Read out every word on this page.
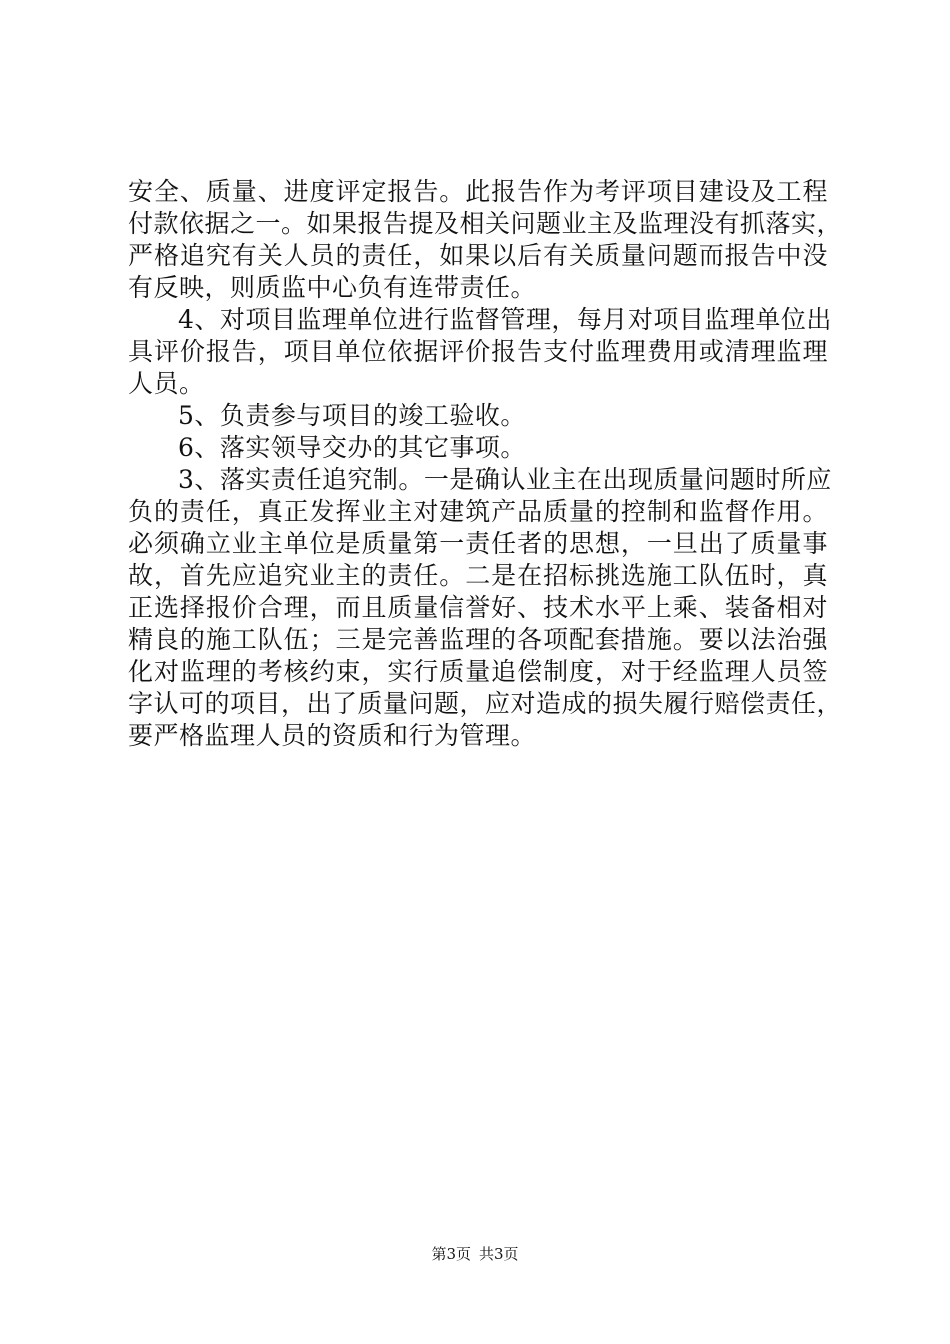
安全、质量、进度评定报告。此报告作为考评项目建设及工程
付款依据之一。如果报告提及相关问题业主及监理没有抓落实，
严格追究有关人员的责任，如果以后有关质量问题而报告中没
有反映，则质监中心负有连带责任。
4、对项目监理单位进行监督管理，每月对项目监理单位出
具评价报告，项目单位依据评价报告支付监理费用或清理监理
人员。
5、负责参与项目的竣工验收。
6、落实领导交办的其它事项。
3、落实责任追究制。一是确认业主在出现质量问题时所应
负的责任，真正发挥业主对建筑产品质量的控制和监督作用。
必须确立业主单位是质量第一责任者的思想，一旦出了质量事
故，首先应追究业主的责任。二是在招标挑选施工队伍时，真
正选择报价合理，而且质量信誉好、技术水平上乘、装备相对
精良的施工队伍；三是完善监理的各项配套措施。要以法治强
化对监理的考核约束，实行质量追偿制度，对于经监理人员签
字认可的项目，出了质量问题，应对造成的损失履行赔偿责任，
要严格监理人员的资质和行为管理。
第3页 共3页
